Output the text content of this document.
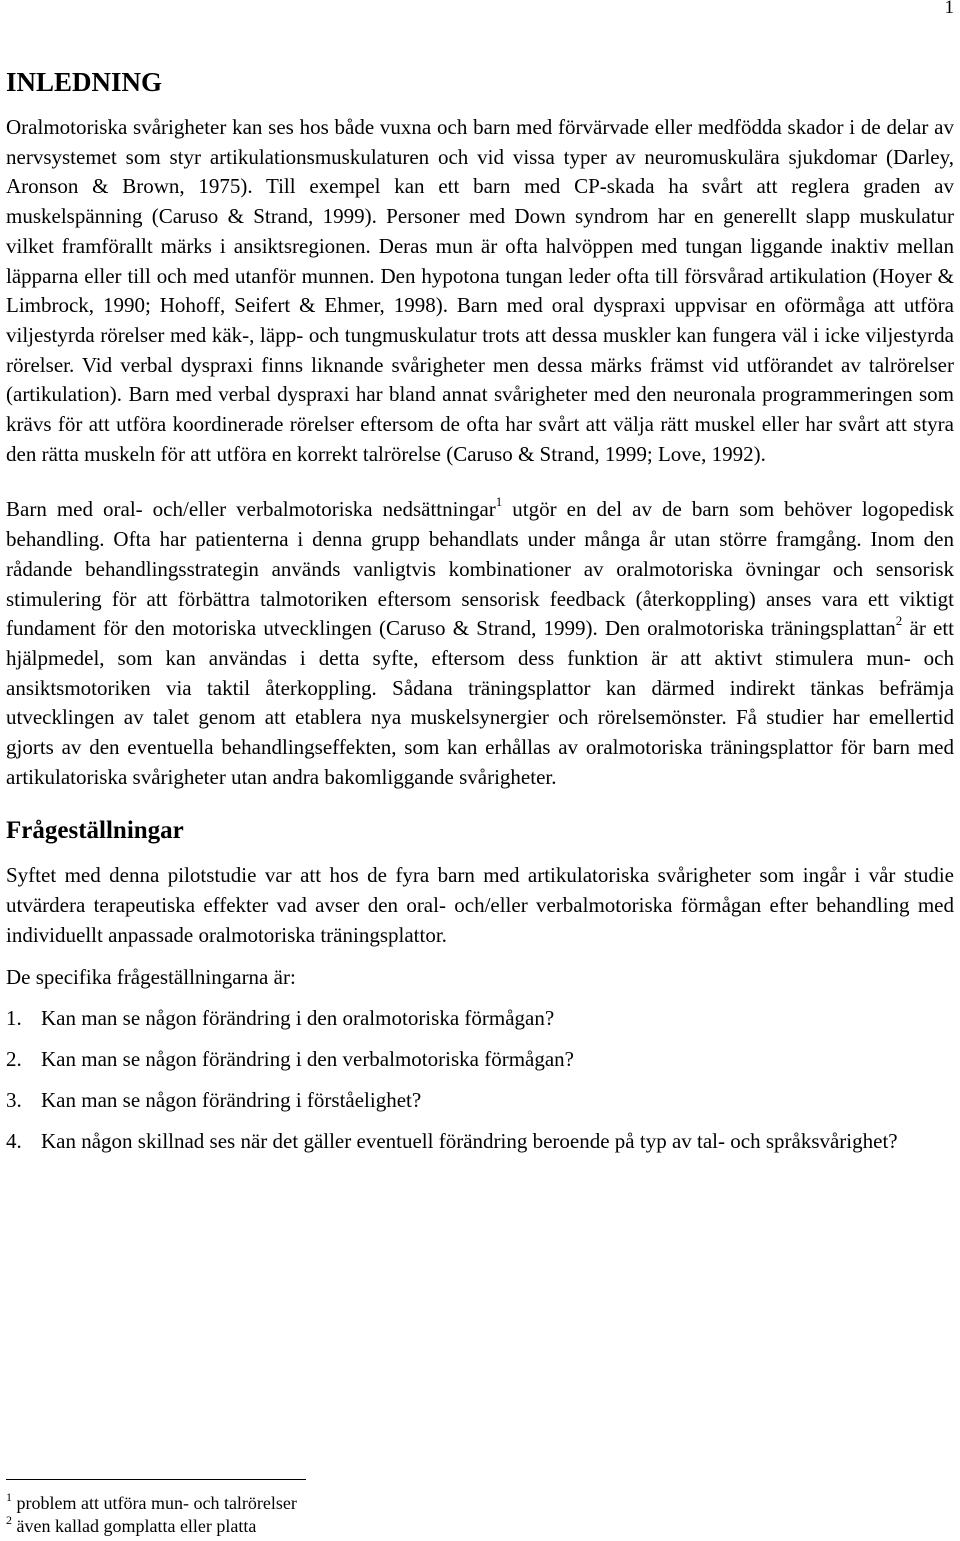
1
INLEDNING

Oralmotoriska svårigheter kan ses hos både vuxna och barn med förvärvade eller medfödda skador i de delar av nervsystemet som styr artikulationsmuskulaturen och vid vissa typer av neuromuskulära sjukdomar (Darley, Aronson & Brown, 1975). Till exempel kan ett barn med CP-skada ha svårt att reglera graden av muskelspänning (Caruso & Strand, 1999). Personer med Down syndrom har en generellt slapp muskulatur vilket framförallt märks i ansiktsregionen. Deras mun är ofta halvöppen med tungan liggande inaktiv mellan läpparna eller till och med utanför munnen. Den hypotona tungan leder ofta till försvårad artikulation (Hoyer & Limbrock, 1990; Hohoff, Seifert & Ehmer, 1998). Barn med oral dyspraxi uppvisar en oförmåga att utföra viljestyrda rörelser med käk-, läpp- och tungmuskulatur trots att dessa muskler kan fungera väl i icke viljestyrda rörelser. Vid verbal dyspraxi finns liknande svårigheter men dessa märks främst vid utförandet av talrörelser (artikulation). Barn med verbal dyspraxi har bland annat svårigheter med den neuronala programmeringen som krävs för att utföra koordinerade rörelser eftersom de ofta har svårt att välja rätt muskel eller har svårt att styra den rätta muskeln för att utföra en korrekt talrörelse (Caruso & Strand, 1999; Love, 1992).

Barn med oral- och/eller verbalmotoriska nedsättningar$^1$ utgör en del av de barn som behöver logopedisk behandling. Ofta har patienterna i denna grupp behandlats under många år utan större framgång. Inom den rådande behandlingsstrategin används vanligtvis kombinationer av oralmotoriska övningar och sensorisk stimulering för att förbättra talmotoriken eftersom sensorisk feedback (återkoppling) anses vara ett viktigt fundament för den motoriska utvecklingen (Caruso & Strand, 1999). Den oralmotoriska träningsplattan$^2$ är ett hjälpmedel, som kan användas i detta syfte, eftersom dess funktion är att aktivt stimulera mun- och ansiktsmotoriken via taktil återkoppling. Sådana träningsplattor kan därmed indirekt tänkas befrämja utvecklingen av talet genom att etablera nya muskelsynergier och rörelsemönster. Få studier har emellertid gjorts av den eventuella behandlingseffekten, som kan erhållas av oralmotoriska träningsplattor för barn med artikulatoriska svårigheter utan andra bakomliggande svårigheter.

Frågeställningar

Syftet med denna pilotstudie var att hos de fyra barn med artikulatoriska svårigheter som ingår i vår studie utvärdera terapeutiska effekter vad avser den oral- och/eller verbalmotoriska förmågan efter behandling med individuellt anpassade oralmotoriska träningsplattor.

De specifika frågeställningarna är:

1. Kan man se någon förändring i den oralmotoriska förmågan?
2. Kan man se någon förändring i den verbalmotoriska förmågan?
3. Kan man se någon förändring i förståelighet?
4. Kan någon skillnad ses när det gäller eventuell förändring beroende på typ av tal- och språksvårighet?

$^1$ problem att utföra mun- och talrörelser

$^2$ även kallad gomplatta eller platta
